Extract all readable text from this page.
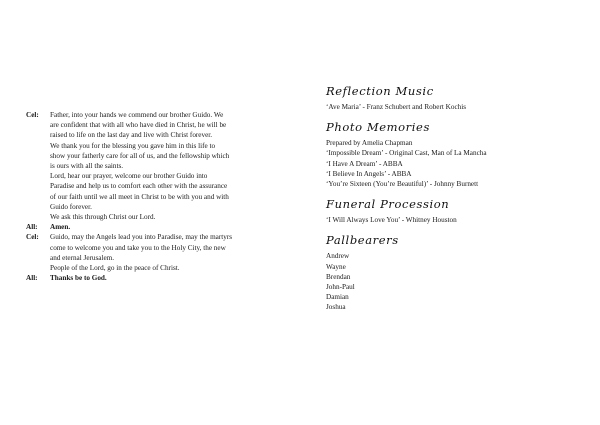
Cel:	Father, into your hands we commend our brother Guido. We
are confident that with all who have died in Christ, he will be
raised to life on the last day and live with Christ forever.
We thank you for the blessing you gave him in this life to
show your fatherly care for all of us, and the fellowship which
is ours with all the saints.
Lord, hear our prayer, welcome our brother Guido into
Paradise and help us to comfort each other with the assurance
of our faith until we all meet in Christ to be with you and with
Guido forever.
We ask this through Christ our Lord.
All:	Amen.
Cel:	Guido, may the Angels lead you into Paradise, may the martyrs
come to welcome you and take you to the Holy City, the new
and eternal Jerusalem.
People of the Lord, go in the peace of Christ.
All:	Thanks be to God.
Reflection Music
‘Ave Maria’ - Franz Schubert and Robert Kochis
Photo Memories
Prepared by Amelia Chapman
‘Impossible Dream’ - Original Cast, Man of La Mancha
‘I Have A Dream’ - ABBA
‘I Believe In Angels’ - ABBA
‘You’re Sixteen (You’re Beautiful)’ - Johnny Burnett
Funeral Procession
‘I Will Always Love You’ - Whitney Houston
Pallbearers
Andrew
Wayne
Brendan
John-Paul
Damian
Joshua
